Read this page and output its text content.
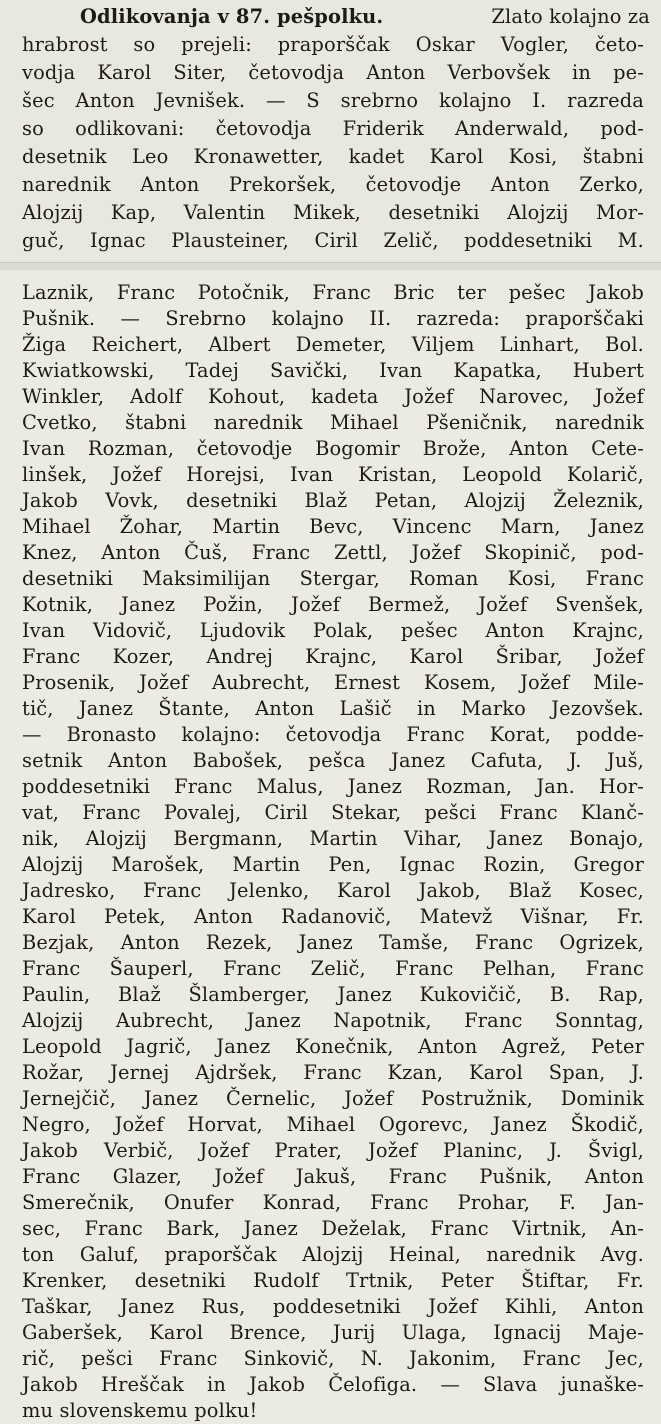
Odlikovanja v 87. pešpolku.	Zlato kolajno za
hrabrost so prejeli: praporščak Oskar Vogler, četo-
vodja Karol Siter, četovodja Anton Verbovšek in pe-
šec Anton Jevnišek. — S srebrno kolajno I. razreda
so odlikovani: četovodja Friderik Anderwald, pod-
desetnik Leo Kronawetter, kadet Karol Kosi, štabni
narednik Anton Prekoršek, četovodje Anton Zerko,
Alojzij Kap, Valentin Mikek, desetniki Alojzij Mor-
guč, Ignac Plausteiner, Ciril Zelič, poddesetniki M.
Laznik, Franc Potočnik, Franc Bric ter pešec Jakob
Pušnik. — Srebrno kolajno II. razreda: praporščaki
Žiga Reichert, Albert Demeter, Viljem Linhart, Bol.
Kwiatkowski, Tadej Savički, Ivan Kapatka, Hubert
Winkler, Adolf Kohout, kadeta Jožef Narovec, Jožef
Cvetko, štabni narednik Mihael Pšeničnik, narednik
Ivan Rozman, četovodje Bogomir Brože, Anton Cete-
linšek, Jožef Horejsi, Ivan Kristan, Leopold Kolarič,
Jakob Vovk, desetniki Blaž Petan, Alojzij Železnik,
Mihael Žohar, Martin Bevc, Vincenc Marn, Janez
Knez, Anton Čuš, Franc Zettl, Jožef Skopinič, pod-
desetniki Maksimilijan Stergar, Roman Kosi, Franc
Kotnik, Janez Požin, Jožef Bermež, Jožef Svenšek,
Ivan Vidovič, Ljudovik Polak, pešec Anton Krajnc,
Franc Kozer, Andrej Krajnc, Karol Šribar, Jožef
Prosenik, Jožef Aubrecht, Ernest Kosem, Jožef Mile-
tič, Janez Štante, Anton Lašič in Marko Jezovšek.
— Bronasto kolajno: četovodja Franc Korat, podde-
setnik Anton Babošek, pešca Janez Cafuta, J. Juš,
poddesetniki Franc Malus, Janez Rozman, Jan. Hor-
vat, Franc Povalej, Ciril Stekar, pešci Franc Klanč-
nik, Alojzij Bergmann, Martin Vihar, Janez Bonajo,
Alojzij Marošek, Martin Pen, Ignac Rozin, Gregor
Jadresko, Franc Jelenko, Karol Jakob, Blaž Kosec,
Karol Petek, Anton Radanovič, Matevž Višnar, Fr.
Bezjak, Anton Rezek, Janez Tamše, Franc Ogrizek,
Franc Šauperl, Franc Zelič, Franc Pelhan, Franc
Paulin, Blaž Šlamberger, Janez Kukovičič, B. Rap,
Alojzij Aubrecht, Janez Napotnik, Franc Sonntag,
Leopold Jagrič, Janez Konečnik, Anton Agrež, Peter
Rožar, Jernej Ajdršek, Franc Kzan, Karol Span, J.
Jernejčič, Janez Černelic, Jožef Postružnik, Dominik
Negro, Jožef Horvat, Mihael Ogorevc, Janez Škodič,
Jakob Verbič, Jožef Prater, Jožef Planinc, J. Švigl,
Franc Glazer, Jožef Jakuš, Franc Pušnik, Anton
Smerečnik, Onufer Konrad, Franc Prohar, F. Jan-
sec, Franc Bark, Janez Deželak, Franc Virtnik, An-
ton Galuf, praporščak Alojzij Heinal, narednik Avg.
Krenker, desetniki Rudolf Trtnik, Peter Štiftar, Fr.
Taškar, Janez Rus, poddesetniki Jožef Kihli, Anton
Gaberšek, Karol Brence, Jurij Ulaga, Ignacij Maje-
rič, pešci Franc Sinkovič, N. Jakonim, Franc Jec,
Jakob Hreščak in Jakob Čelofiga. — Slava junaške-
mu slovenskemu polku!
